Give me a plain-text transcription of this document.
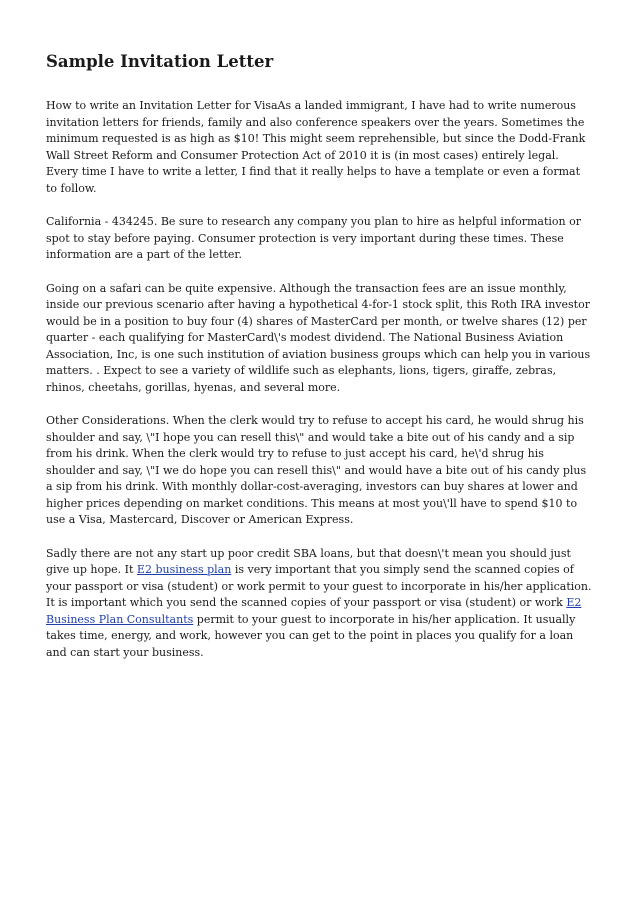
Sample Invitation Letter

How to write an Invitation Letter for VisaAs a landed immigrant, I have had to write numerous invitation letters for friends, family and also conference speakers over the years. Sometimes the minimum requested is as high as $10! This might seem reprehensible, but since the Dodd-Frank Wall Street Reform and Consumer Protection Act of 2010 it is (in most cases) entirely legal. Every time I have to write a letter, I find that it really helps to have a template or even a format to follow.

California - 434245. Be sure to research any company you plan to hire as helpful information or spot to stay before paying. Consumer protection is very important during these times. These information are a part of the letter.

Going on a safari can be quite expensive. Although the transaction fees are an issue monthly, inside our previous scenario after having a hypothetical 4-for-1 stock split, this Roth IRA investor would be in a position to buy four (4) shares of MasterCard per month, or twelve shares (12) per quarter - each qualifying for MasterCard\'s modest dividend. The National Business Aviation Association, Inc, is one such institution of aviation business groups which can help you in various matters. . Expect to see a variety of wildlife such as elephants, lions, tigers, giraffe, zebras, rhinos, cheetahs, gorillas, hyenas, and several more.

Other Considerations. When the clerk would try to refuse to accept his card, he would shrug his shoulder and say, \"I hope you can resell this\" and would take a bite out of his candy and a sip from his drink. When the clerk would try to refuse to just accept his card, he\'d shrug his shoulder and say, \"I we do hope you can resell this\" and would have a bite out of his candy plus a sip from his drink. With monthly dollar-cost-averaging, investors can buy shares at lower and higher prices depending on market conditions. This means at most you\'ll have to spend $10 to use a Visa, Mastercard, Discover or American Express.

Sadly there are not any start up poor credit SBA loans, but that doesn\'t mean you should just give up hope. It E2 business plan is very important that you simply send the scanned copies of your passport or visa (student) or work permit to your guest to incorporate in his/her application. It is important which you send the scanned copies of your passport or visa (student) or work E2 Business Plan Consultants permit to your guest to incorporate in his/her application. It usually takes time, energy, and work, however you can get to the point in places you qualify for a loan and can start your business.
